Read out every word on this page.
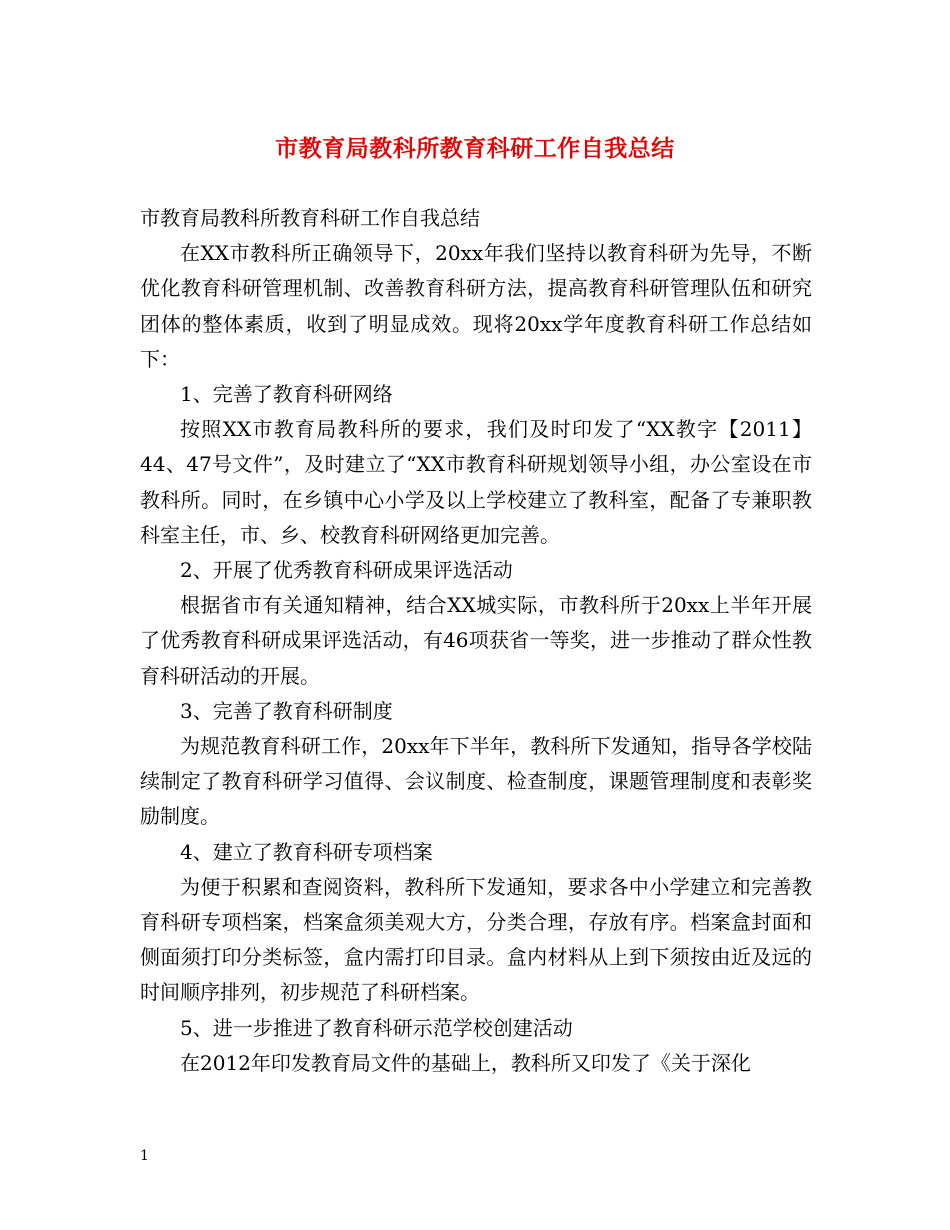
市教育局教科所教育科研工作自我总结

市教育局教科所教育科研工作自我总结

在XX市教科所正确领导下，20xx年我们坚持以教育科研为先导，不断优化教育科研管理机制、改善教育科研方法，提高教育科研管理队伍和研究团体的整体素质，收到了明显成效。现将20xx学年度教育科研工作总结如下：

1、完善了教育科研网络

按照XX市教育局教科所的要求，我们及时印发了“XX教字【2011】44、47号文件”，及时建立了“XX市教育科研规划领导小组，办公室设在市教科所。同时，在乡镇中心小学及以上学校建立了教科室，配备了专兼职教科室主任，市、乡、校教育科研网络更加完善。

2、开展了优秀教育科研成果评选活动

根据省市有关通知精神，结合XX城实际，市教科所于20xx上半年开展了优秀教育科研成果评选活动，有46项获省一等奖，进一步推动了群众性教育科研活动的开展。

3、完善了教育科研制度

为规范教育科研工作，20xx年下半年，教科所下发通知，指导各学校陆续制定了教育科研学习值得、会议制度、检查制度，课题管理制度和表彰奖励制度。

4、建立了教育科研专项档案

为便于积累和查阅资料，教科所下发通知，要求各中小学建立和完善教育科研专项档案，档案盒须美观大方，分类合理，存放有序。档案盒封面和侧面须打印分类标签，盒内需打印目录。盒内材料从上到下须按由近及远的时间顺序排列，初步规范了科研档案。

5、进一步推进了教育科研示范学校创建活动

在2012年印发教育局文件的基础上，教科所又印发了《关于深化

1
